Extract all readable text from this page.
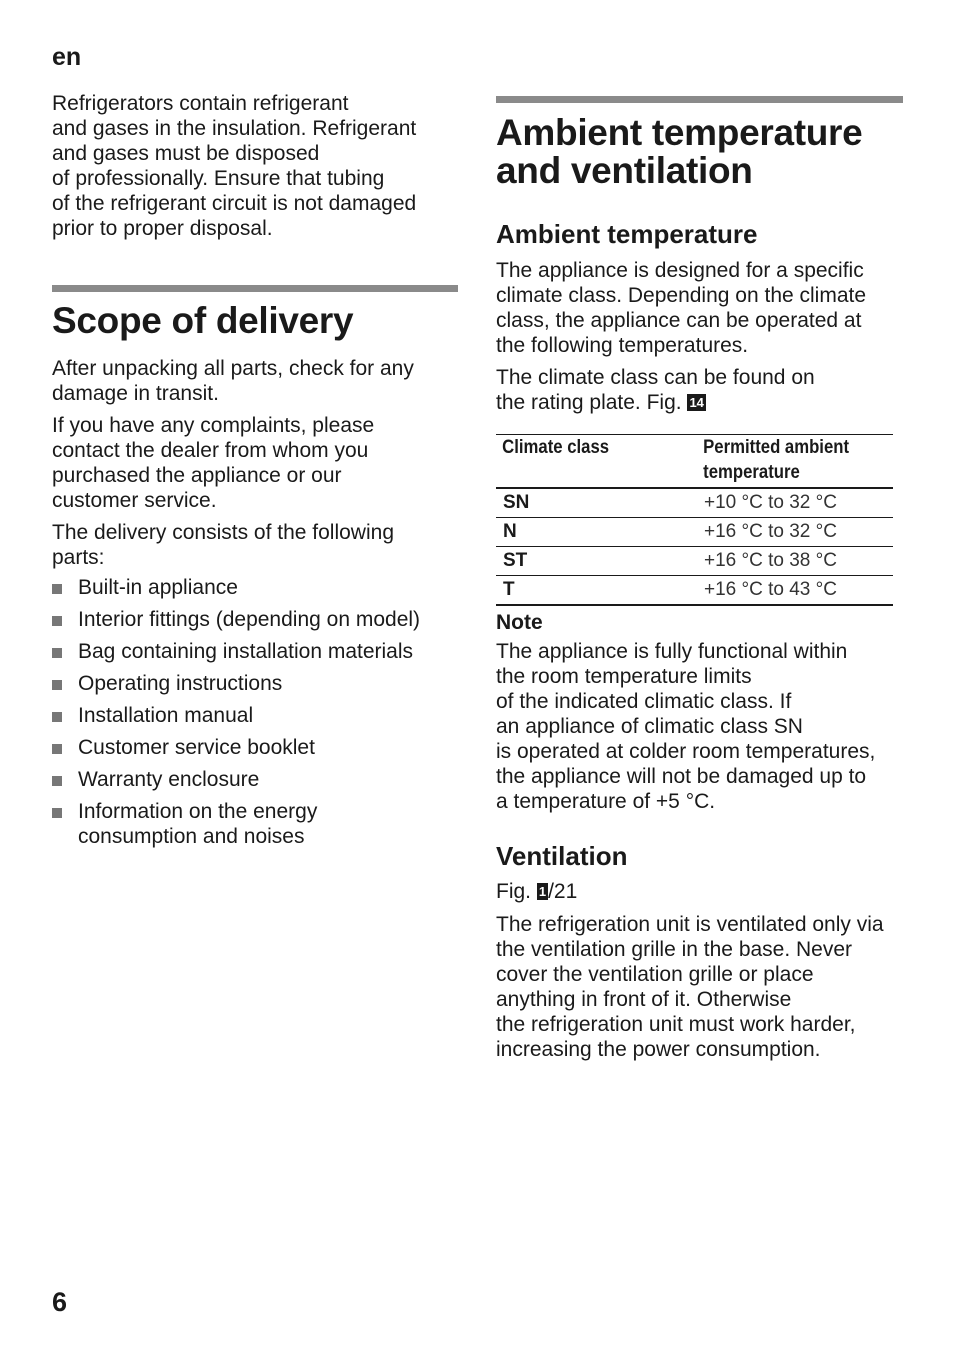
en

Refrigerators contain refrigerant
and gases in the insulation. Refrigerant
and gases must be disposed
of professionally. Ensure that tubing
of the refrigerant circuit is not damaged
prior to proper disposal.

Scope of delivery

After unpacking all parts, check for any
damage in transit.

If you have any complaints, please
contact the dealer from whom you
purchased the appliance or our
customer service.

The delivery consists of the following
parts:

Built-in appliance
Interior fittings (depending on model)
Bag containing installation materials
Operating instructions
Installation manual
Customer service booklet
Warranty enclosure
Information on the energy
consumption and noises
Ambient temperature
and ventilation
Ambient temperature

The appliance is designed for a specific
climate class. Depending on the climate
class, the appliance can be operated at
the following temperatures.

The climate class can be found on
the rating plate. Fig. 14

Climate class	Permitted ambient temperature
SN	+10 °C to 32 °C
N	+16 °C to 32 °C
ST	+16 °C to 38 °C
T	+16 °C to 43 °C

Note

The appliance is fully functional within
the room temperature limits
of the indicated climatic class. If
an appliance of climatic class SN
is operated at colder room temperatures,
the appliance will not be damaged up to
a temperature of +5 °C.

Ventilation

Fig. 1/21

The refrigeration unit is ventilated only via
the ventilation grille in the base. Never
cover the ventilation grille or place
anything in front of it. Otherwise
the refrigeration unit must work harder,
increasing the power consumption.

6
